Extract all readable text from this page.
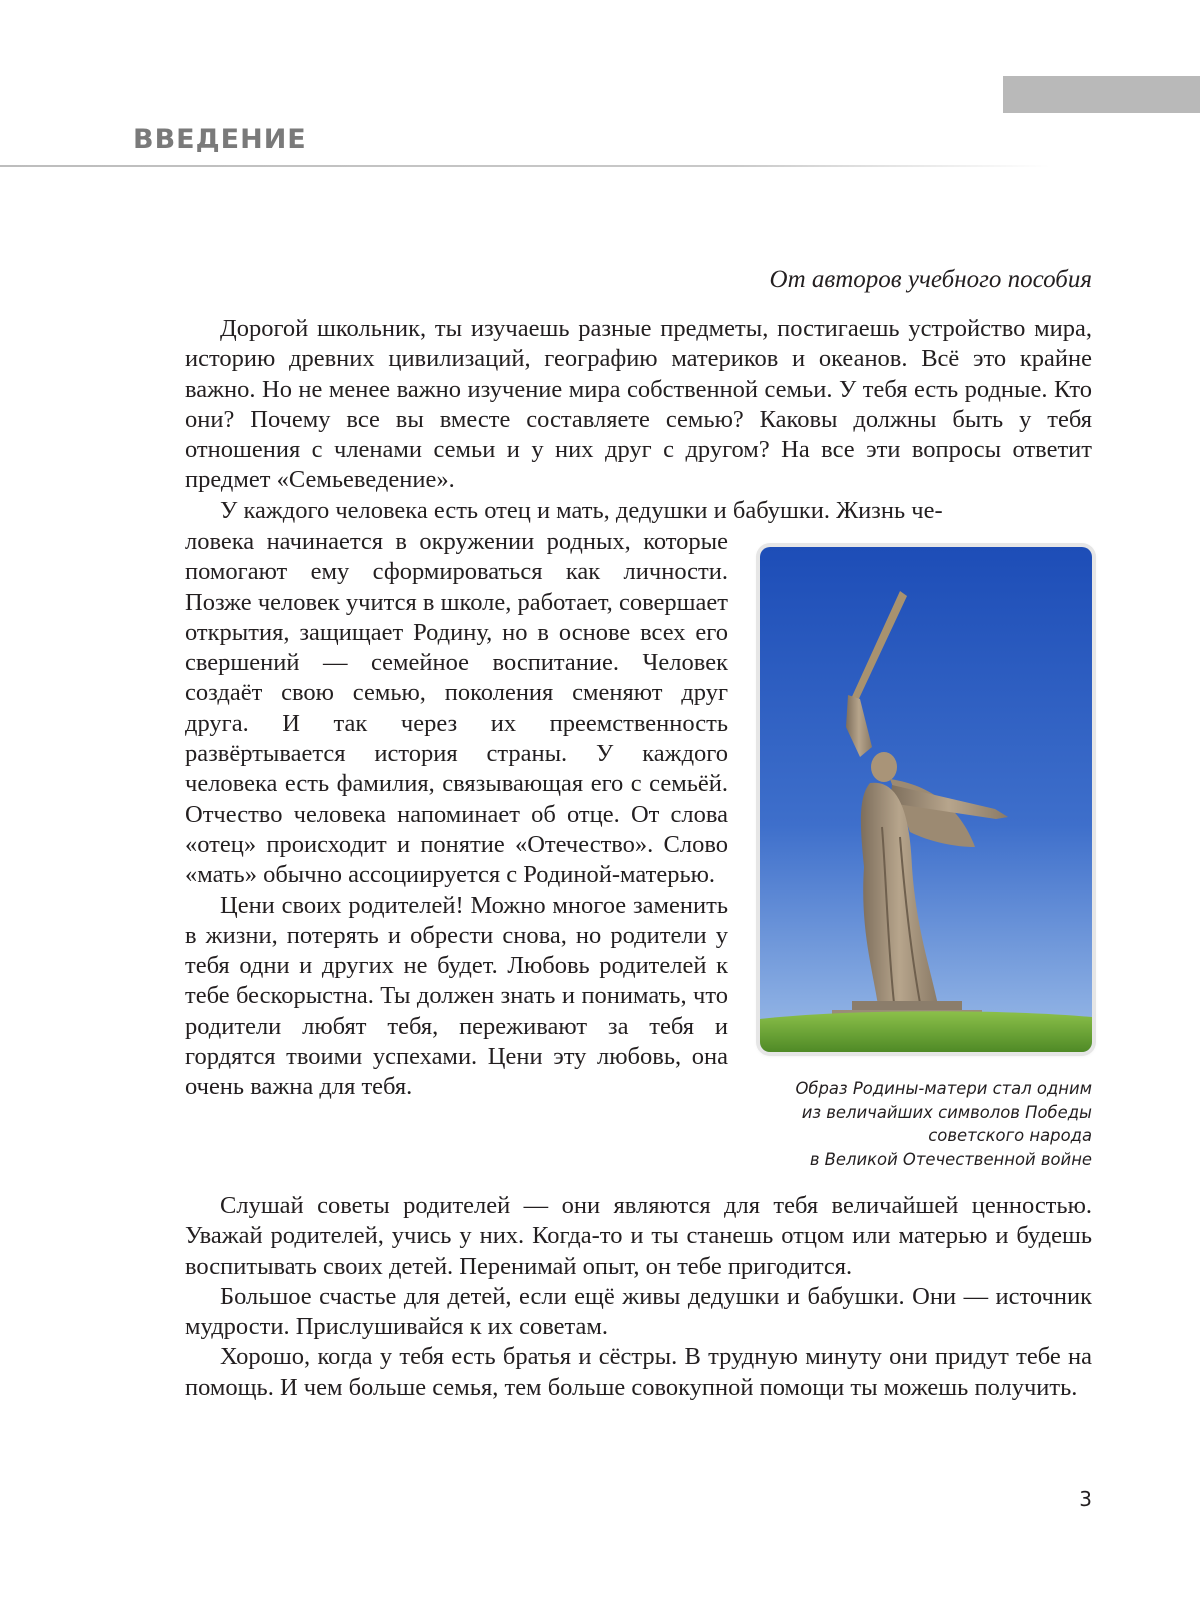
ВВЕДЕНИЕ
От авторов учебного пособия

Дорогой школьник, ты изучаешь разные предметы, постигаешь устройство мира, историю древних цивилизаций, географию материков и океанов. Всё это крайне важно. Но не менее важно изучение мира собственной семьи. У тебя есть родные. Кто они? Почему все вы вместе составляете семью? Каковы должны быть у тебя отношения с членами семьи и у них друг с другом? На все эти вопросы ответит предмет «Семьеведение».

У каждого человека есть отец и мать, дедушки и бабушки. Жизнь че-

ловека начинается в окружении родных, которые помогают ему сформироваться как личности. Позже человек учится в школе, работает, совершает открытия, защищает Родину, но в основе всех его свершений — семейное воспитание. Человек создаёт свою семью, поколения сменяют друг друга. И так через их преемственность развёртывается история страны. У каждого человека есть фамилия, связывающая его с семьёй. Отчество человека напоминает об отце. От слова «отец» происходит и понятие «Отечество». Слово «мать» обычно ассоциируется с Родиной-матерью.

Цени своих родителей! Можно многое заменить в жизни, потерять и обрести снова, но родители у тебя одни и других не будет. Любовь родителей к тебе бескорыстна. Ты должен знать и понимать, что родители любят тебя, переживают за тебя и гордятся твоими успехами. Цени эту любовь, она очень важна для тебя.	Образ Родины-матери стал одним
из величайших символов Победы
советского народа
в Великой Отечественной войне

Слушай советы родителей — они являются для тебя величайшей ценностью. Уважай родителей, учись у них. Когда-то и ты станешь отцом или матерью и будешь воспитывать своих детей. Перенимай опыт, он тебе пригодится.

Большое счастье для детей, если ещё живы дедушки и бабушки. Они — источник мудрости. Прислушивайся к их советам.

Хорошо, когда у тебя есть братья и сёстры. В трудную минуту они придут тебе на помощь. И чем больше семья, тем больше совокупной помощи ты можешь получить.

3
